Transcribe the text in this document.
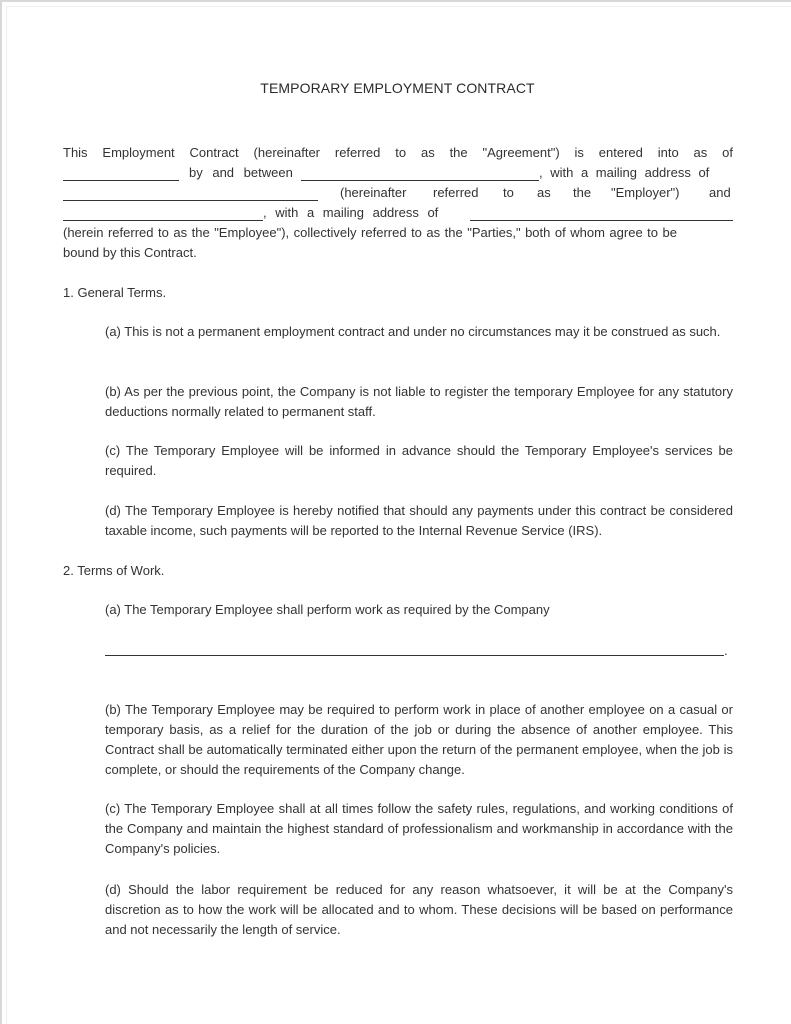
TEMPORARY EMPLOYMENT CONTRACT
This Employment Contract (hereinafter referred to as the "Agreement") is entered into as of
by and between	, with a mailing address of
(hereinafter referred to as the "Employer") and
, with a mailing address of
(herein referred to as the "Employee"), collectively referred to as the "Parties," both of whom agree to be
bound by this Contract.
1. General Terms.
(a) This is not a permanent employment contract and under no circumstances may it be construed as such.
(b) As per the previous point, the Company is not liable to register the temporary Employee for any statutory deductions normally related to permanent staff.
(c) The Temporary Employee will be informed in advance should the Temporary Employee's services be required.
(d) The Temporary Employee is hereby notified that should any payments under this contract be considered taxable income, such payments will be reported to the Internal Revenue Service (IRS).
2. Terms of Work.
(a) The Temporary Employee shall perform work as required by the Company
.
(b) The Temporary Employee may be required to perform work in place of another employee on a casual or temporary basis, as a relief for the duration of the job or during the absence of another employee. This Contract shall be automatically terminated either upon the return of the permanent employee, when the job is complete, or should the requirements of the Company change.
(c) The Temporary Employee shall at all times follow the safety rules, regulations, and working conditions of the Company and maintain the highest standard of professionalism and workmanship in accordance with the Company's policies.
(d) Should the labor requirement be reduced for any reason whatsoever, it will be at the Company's discretion as to how the work will be allocated and to whom. These decisions will be based on performance and not necessarily the length of service.
